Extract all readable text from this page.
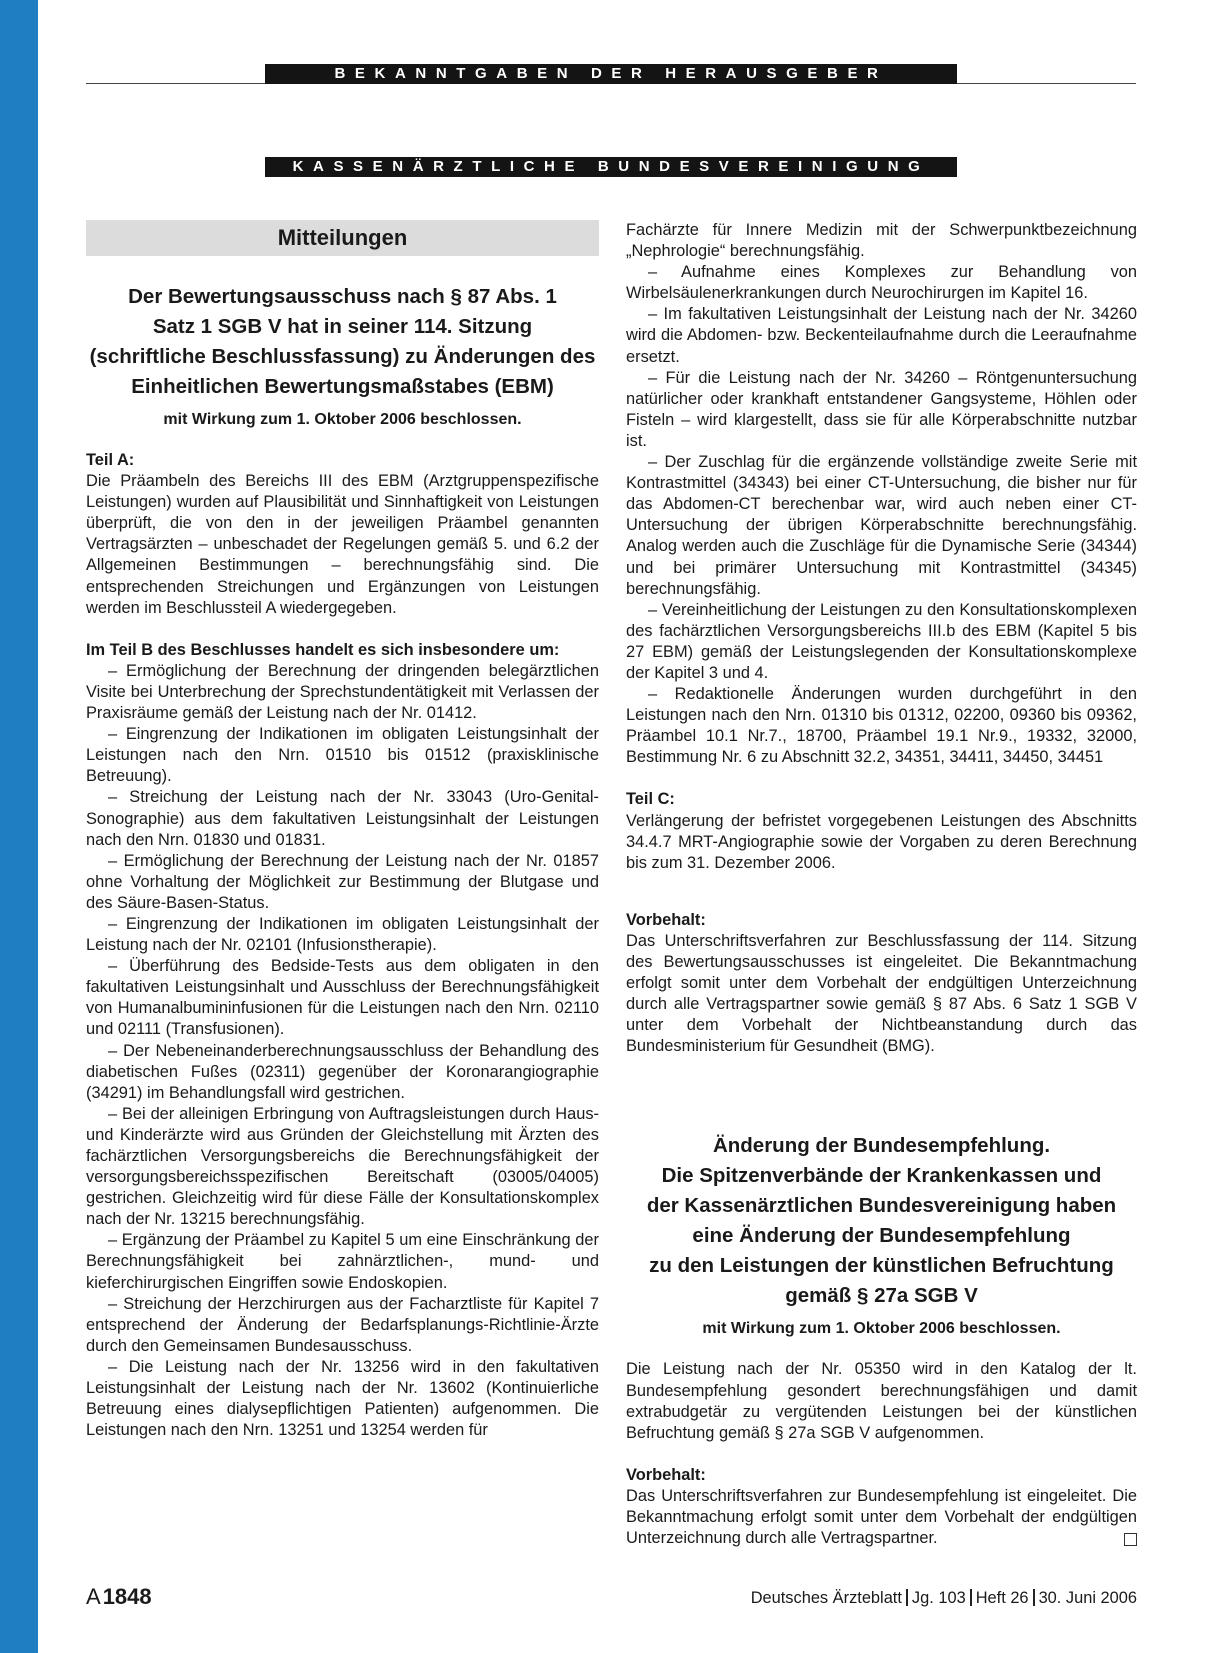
BEKANNTGABEN DER HERAUSGEBER
KASSENÄRZTLICHE BUNDESVEREINIGUNG
Mitteilungen
Der Bewertungsausschuss nach § 87 Abs. 1
Satz 1 SGB V hat in seiner 114. Sitzung
(schriftliche Beschlussfassung) zu Änderungen des
Einheitlichen Bewertungsmaßstabes (EBM)
mit Wirkung zum 1. Oktober 2006 beschlossen.

Teil A:

Die Präambeln des Bereichs III des EBM (Arztgruppenspezifische Leistungen) wurden auf Plausibilität und Sinnhaftigkeit von Leistungen überprüft, die von den in der jeweiligen Präambel genannten Vertragsärzten – unbeschadet der Regelungen gemäß 5. und 6.2 der Allgemeinen Bestimmungen – berechnungsfähig sind. Die entsprechenden Streichungen und Ergänzungen von Leistungen werden im Beschlussteil A wiedergegeben.

Im Teil B des Beschlusses handelt es sich insbesondere um:

– Ermöglichung der Berechnung der dringenden belegärztlichen Visite bei Unterbrechung der Sprechstundentätigkeit mit Verlassen der Praxisräume gemäß der Leistung nach der Nr. 01412.

– Eingrenzung der Indikationen im obligaten Leistungsinhalt der Leistungen nach den Nrn. 01510 bis 01512 (praxisklinische Betreuung).

– Streichung der Leistung nach der Nr. 33043 (Uro-Genital-Sonographie) aus dem fakultativen Leistungsinhalt der Leistungen nach den Nrn. 01830 und 01831.

– Ermöglichung der Berechnung der Leistung nach der Nr. 01857 ohne Vorhaltung der Möglichkeit zur Bestimmung der Blutgase und des Säure-Basen-Status.

– Eingrenzung der Indikationen im obligaten Leistungsinhalt der Leistung nach der Nr. 02101 (Infusionstherapie).

– Überführung des Bedside-Tests aus dem obligaten in den fakultativen Leistungsinhalt und Ausschluss der Berechnungsfähigkeit von Humanalbumininfusionen für die Leistungen nach den Nrn. 02110 und 02111 (Transfusionen).

– Der Nebeneinanderberechnungsausschluss der Behandlung des diabetischen Fußes (02311) gegenüber der Koronarangiographie (34291) im Behandlungsfall wird gestrichen.

– Bei der alleinigen Erbringung von Auftragsleistungen durch Haus- und Kinderärzte wird aus Gründen der Gleichstellung mit Ärzten des fachärztlichen Versorgungsbereichs die Berechnungsfähigkeit der versorgungsbereichsspezifischen Bereitschaft (03005/04005) gestrichen. Gleichzeitig wird für diese Fälle der Konsultationskomplex nach der Nr. 13215 berechnungsfähig.

– Ergänzung der Präambel zu Kapitel 5 um eine Einschränkung der Berechnungsfähigkeit bei zahnärztlichen-, mund- und kieferchirurgischen Eingriffen sowie Endoskopien.

– Streichung der Herzchirurgen aus der Facharztliste für Kapitel 7 entsprechend der Änderung der Bedarfsplanungs-Richtlinie-Ärzte durch den Gemeinsamen Bundesausschuss.

– Die Leistung nach der Nr. 13256 wird in den fakultativen Leistungsinhalt der Leistung nach der Nr. 13602 (Kontinuierliche Betreuung eines dialysepflichtigen Patienten) aufgenommen. Die Leistungen nach den Nrn. 13251 und 13254 werden für

Fachärzte für Innere Medizin mit der Schwerpunktbezeichnung „Nephrologie“ berechnungsfähig.

– Aufnahme eines Komplexes zur Behandlung von Wirbelsäulenerkrankungen durch Neurochirurgen im Kapitel 16.

– Im fakultativen Leistungsinhalt der Leistung nach der Nr. 34260 wird die Abdomen- bzw. Beckenteilaufnahme durch die Leeraufnahme ersetzt.

– Für die Leistung nach der Nr. 34260 – Röntgenuntersuchung natürlicher oder krankhaft entstandener Gangsysteme, Höhlen oder Fisteln – wird klargestellt, dass sie für alle Körperabschnitte nutzbar ist.

– Der Zuschlag für die ergänzende vollständige zweite Serie mit Kontrastmittel (34343) bei einer CT-Untersuchung, die bisher nur für das Abdomen-CT berechenbar war, wird auch neben einer CT-Untersuchung der übrigen Körperabschnitte berechnungsfähig. Analog werden auch die Zuschläge für die Dynamische Serie (34344) und bei primärer Untersuchung mit Kontrastmittel (34345) berechnungsfähig.

– Vereinheitlichung der Leistungen zu den Konsultationskomplexen des fachärztlichen Versorgungsbereichs III.b des EBM (Kapitel 5 bis 27 EBM) gemäß der Leistungslegenden der Konsultationskomplexe der Kapitel 3 und 4.

– Redaktionelle Änderungen wurden durchgeführt in den Leistungen nach den Nrn. 01310 bis 01312, 02200, 09360 bis 09362, Präambel 10.1 Nr.7., 18700, Präambel 19.1 Nr.9., 19332, 32000, Bestimmung Nr. 6 zu Abschnitt 32.2, 34351, 34411, 34450, 34451

Teil C:

Verlängerung der befristet vorgegebenen Leistungen des Abschnitts 34.4.7 MRT-Angiographie sowie der Vorgaben zu deren Berechnung bis zum 31. Dezember 2006.

Vorbehalt:

Das Unterschriftsverfahren zur Beschlussfassung der 114. Sitzung des Bewertungsausschusses ist eingeleitet. Die Bekanntmachung erfolgt somit unter dem Vorbehalt der endgültigen Unterzeichnung durch alle Vertragspartner sowie gemäß § 87 Abs. 6 Satz 1 SGB V unter dem Vorbehalt der Nichtbeanstandung durch das Bundesministerium für Gesundheit (BMG).

Änderung der Bundesempfehlung.
Die Spitzenverbände der Krankenkassen und
der Kassenärztlichen Bundesvereinigung haben
eine Änderung der Bundesempfehlung
zu den Leistungen der künstlichen Befruchtung
gemäß § 27a SGB V
mit Wirkung zum 1. Oktober 2006 beschlossen.

Die Leistung nach der Nr. 05350 wird in den Katalog der lt. Bundesempfehlung gesondert berechnungsfähigen und damit extrabudgetär zu vergütenden Leistungen bei der künstlichen Befruchtung gemäß § 27a SGB V aufgenommen.

Vorbehalt:

Das Unterschriftsverfahren zur Bundesempfehlung ist eingeleitet. Die Bekanntmachung erfolgt somit unter dem Vorbehalt der endgültigen Unterzeichnung durch alle Vertragspartner.

A1848	Deutsches Ärzteblatt Jg. 103 Heft 26 30. Juni 2006
